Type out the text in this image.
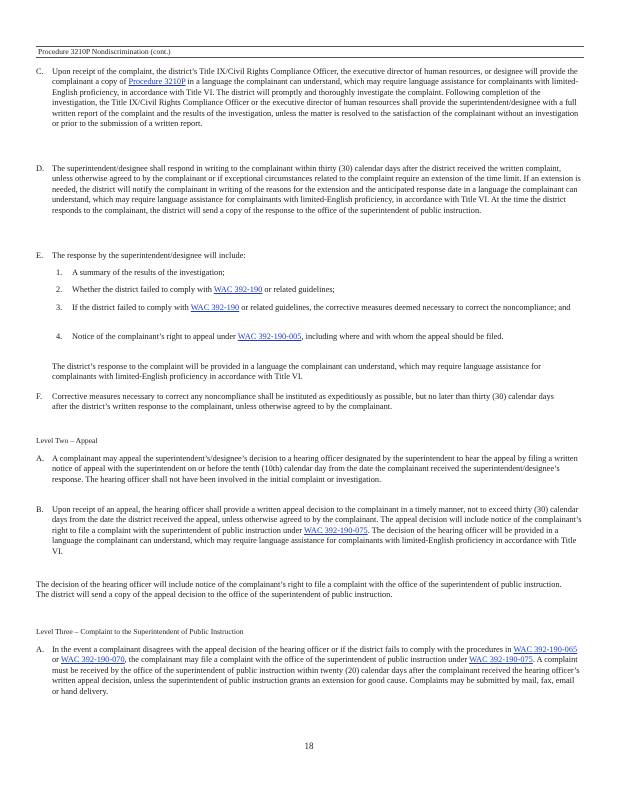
Procedure 3210P Nondiscrimination (cont.)
C. Upon receipt of the complaint, the district’s Title IX/Civil Rights Compliance Officer, the executive director of human resources, or designee will provide the complainant a copy of Procedure 3210P in a language the complainant can understand, which may require language assistance for complainants with limited-English proficiency, in accordance with Title VI. The district will promptly and thoroughly investigate the complaint. Following completion of the investigation, the Title IX/Civil Rights Compliance Officer or the executive director of human resources shall provide the superintendent/designee with a full written report of the complaint and the results of the investigation, unless the matter is resolved to the satisfaction of the complainant without an investigation or prior to the submission of a written report.
D. The superintendent/designee shall respond in writing to the complainant within thirty (30) calendar days after the district received the written complaint, unless otherwise agreed to by the complainant or if exceptional circumstances related to the complaint require an extension of the time limit. If an extension is needed, the district will notify the complainant in writing of the reasons for the extension and the anticipated response date in a language the complainant can understand, which may require language assistance for complainants with limited-English proficiency, in accordance with Title VI. At the time the district responds to the complainant, the district will send a copy of the response to the office of the superintendent of public instruction.
E. The response by the superintendent/designee will include:
1. A summary of the results of the investigation;
2. Whether the district failed to comply with WAC 392-190 or related guidelines;
3. If the district failed to comply with WAC 392-190 or related guidelines, the corrective measures deemed necessary to correct the noncompliance; and
4. Notice of the complainant’s right to appeal under WAC 392-190-005, including where and with whom the appeal should be filed.
The district’s response to the complaint will be provided in a language the complainant can understand, which may require language assistance for complainants with limited-English proficiency in accordance with Title VI.
F. Corrective measures necessary to correct any noncompliance shall be instituted as expeditiously as possible, but no later than thirty (30) calendar days after the district’s written response to the complainant, unless otherwise agreed to by the complainant.
Level Two – Appeal
A. A complainant may appeal the superintendent’s/designee’s decision to a hearing officer designated by the superintendent to hear the appeal by filing a written notice of appeal with the superintendent on or before the tenth (10th) calendar day from the date the complainant received the superintendent/designee’s response. The hearing officer shall not have been involved in the initial complaint or investigation.
B. Upon receipt of an appeal, the hearing officer shall provide a written appeal decision to the complainant in a timely manner, not to exceed thirty (30) calendar days from the date the district received the appeal, unless otherwise agreed to by the complainant. The appeal decision will include notice of the complainant’s right to file a complaint with the superintendent of public instruction under WAC 392-190-075. The decision of the hearing officer will be provided in a language the complainant can understand, which may require language assistance for complainants with limited-English proficiency in accordance with Title VI.
The decision of the hearing officer will include notice of the complainant’s right to file a complaint with the office of the superintendent of public instruction. The district will send a copy of the appeal decision to the office of the superintendent of public instruction.
Level Three – Complaint to the Superintendent of Public Instruction
A. In the event a complainant disagrees with the appeal decision of the hearing officer or if the district fails to comply with the procedures in WAC 392-190-065 or WAC 392-190-070, the complainant may file a complaint with the office of the superintendent of public instruction under WAC 392-190-075. A complaint must be received by the office of the superintendent of public instruction within twenty (20) calendar days after the complainant received the hearing officer’s written appeal decision, unless the superintendent of public instruction grants an extension for good cause. Complaints may be submitted by mail, fax, email or hand delivery.
18
